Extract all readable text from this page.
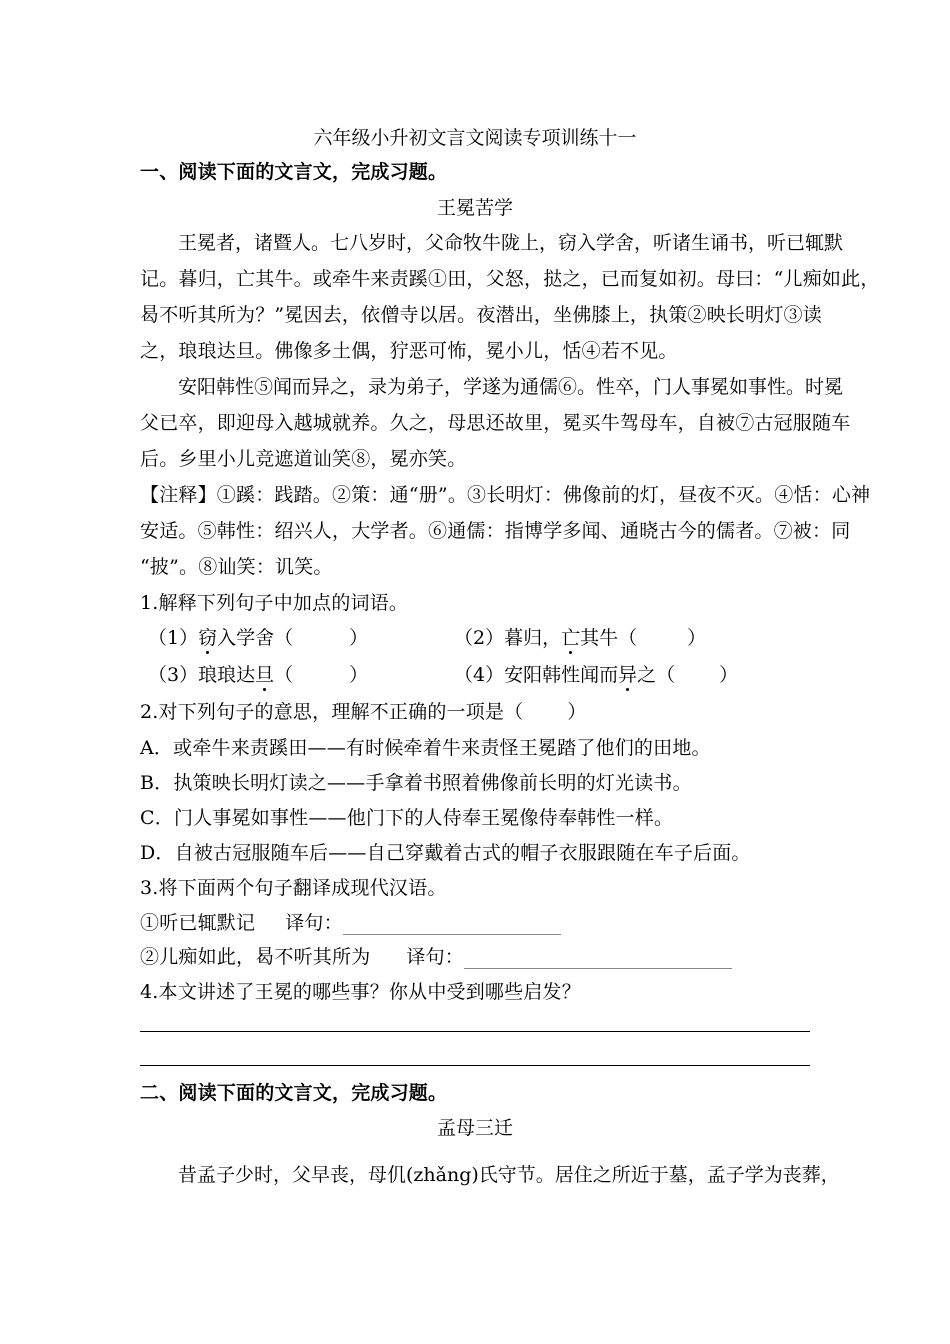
六年级小升初文言文阅读专项训练十一
一、阅读下面的文言文，完成习题。
王冕苦学
王冕者，诸暨人。七八岁时，父命牧牛陇上，窃入学舍，听诸生诵书，听已辄默
记。暮归，亡其牛。或牵牛来责蹊①田，父怒，挞之，已而复如初。母曰：“儿痴如此，
曷不听其所为？”冕因去，依僧寺以居。夜潜出，坐佛膝上，执策②映长明灯③读
之，琅琅达旦。佛像多土偶，狞恶可怖，冕小儿，恬④若不见。
安阳韩性⑤闻而异之，录为弟子，学遂为通儒⑥。性卒，门人事冕如事性。时冕
父已卒，即迎母入越城就养。久之，母思还故里，冕买牛驾母车，自被⑦古冠服随车
后。乡里小儿竞遮道讪笑⑧，冕亦笑。
【注释】①蹊：践踏。②策：通“册”。③长明灯：佛像前的灯，昼夜不灭。④恬：心神
安适。⑤韩性：绍兴人，大学者。⑥通儒：指博学多闻、通晓古今的儒者。⑦被：同
“披”。⑧讪笑：讥笑。
1.解释下列句子中加点的词语。
（1）窃入学舍（	）	（2）暮归，亡其牛（	）
（3）琅琅达旦（	）	（4）安阳韩性闻而异之（ ）
2.对下列句子的意思，理解不正确的一项是（ ）
A．或牵牛来责蹊田——有时候牵着牛来责怪王冕踏了他们的田地。
B．执策映长明灯读之——手拿着书照着佛像前长明的灯光读书。
C．门人事冕如事性——他门下的人侍奉王冕像侍奉韩性一样。
D．自被古冠服随车后——自己穿戴着古式的帽子衣服跟随在车子后面。
3.将下面两个句子翻译成现代汉语。
①听已辄默记 译句：
②儿痴如此，曷不听其所为 译句：
4.本文讲述了王冕的哪些事？你从中受到哪些启发？
二、阅读下面的文言文，完成习题。
孟母三迁
昔孟子少时，父早丧，母仉(zhǎng)氏守节。居住之所近于墓，孟子学为丧葬，
